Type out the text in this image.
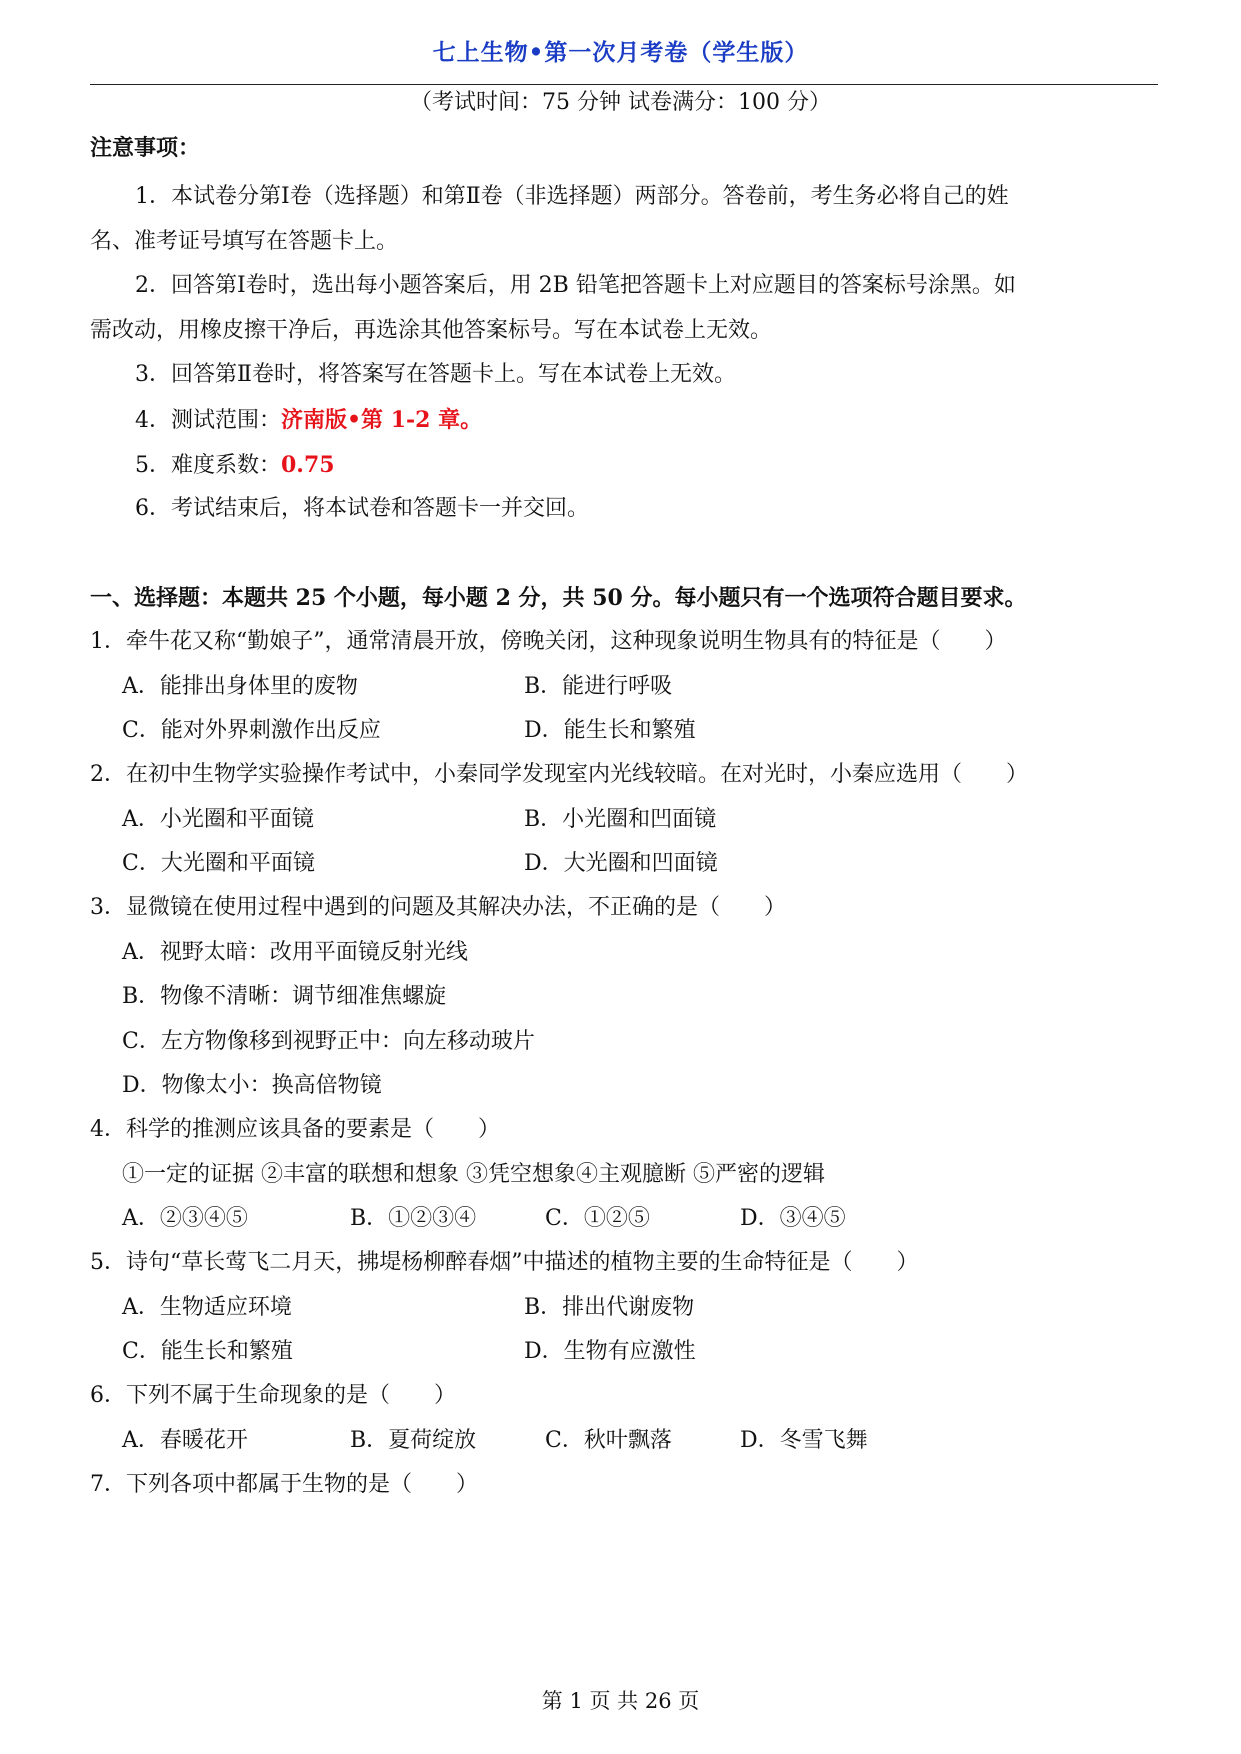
七上生物•第一次月考卷（学生版）
（考试时间：75 分钟 试卷满分：100 分）
注意事项：
1．本试卷分第Ⅰ卷（选择题）和第Ⅱ卷（非选择题）两部分。答卷前，考生务必将自己的姓
名、准考证号填写在答题卡上。
2．回答第Ⅰ卷时，选出每小题答案后，用 2B 铅笔把答题卡上对应题目的答案标号涂黑。如
需改动，用橡皮擦干净后，再选涂其他答案标号。写在本试卷上无效。
3．回答第Ⅱ卷时，将答案写在答题卡上。写在本试卷上无效。
4．测试范围：济南版•第 1-2 章。
5．难度系数：0.75
6．考试结束后，将本试卷和答题卡一并交回。
一、选择题：本题共 25 个小题，每小题 2 分，共 50 分。每小题只有一个选项符合题目要求。
1．牵牛花又称“勤娘子”，通常清晨开放，傍晚关闭，这种现象说明生物具有的特征是（　　）
A．能排出身体里的废物	B．能进行呼吸
C．能对外界刺激作出反应	D．能生长和繁殖
2．在初中生物学实验操作考试中，小秦同学发现室内光线较暗。在对光时，小秦应选用（　　）
A．小光圈和平面镜	B．小光圈和凹面镜
C．大光圈和平面镜	D．大光圈和凹面镜
3．显微镜在使用过程中遇到的问题及其解决办法，不正确的是（　　）
A．视野太暗：改用平面镜反射光线
B．物像不清晰：调节细准焦螺旋
C．左方物像移到视野正中：向左移动玻片
D．物像太小：换高倍物镜
4．科学的推测应该具备的要素是（　　）
①一定的证据 ②丰富的联想和想象 ③凭空想象④主观臆断 ⑤严密的逻辑
A．②③④⑤	B．①②③④	C．①②⑤	D．③④⑤
5．诗句“草长莺飞二月天，拂堤杨柳醉春烟”中描述的植物主要的生命特征是（　　）
A．生物适应环境	B．排出代谢废物
C．能生长和繁殖	D．生物有应激性
6．下列不属于生命现象的是（　　）
A．春暖花开	B．夏荷绽放	C．秋叶飘落	D．冬雪飞舞
7．下列各项中都属于生物的是（　　）
第 1 页 共 26 页
